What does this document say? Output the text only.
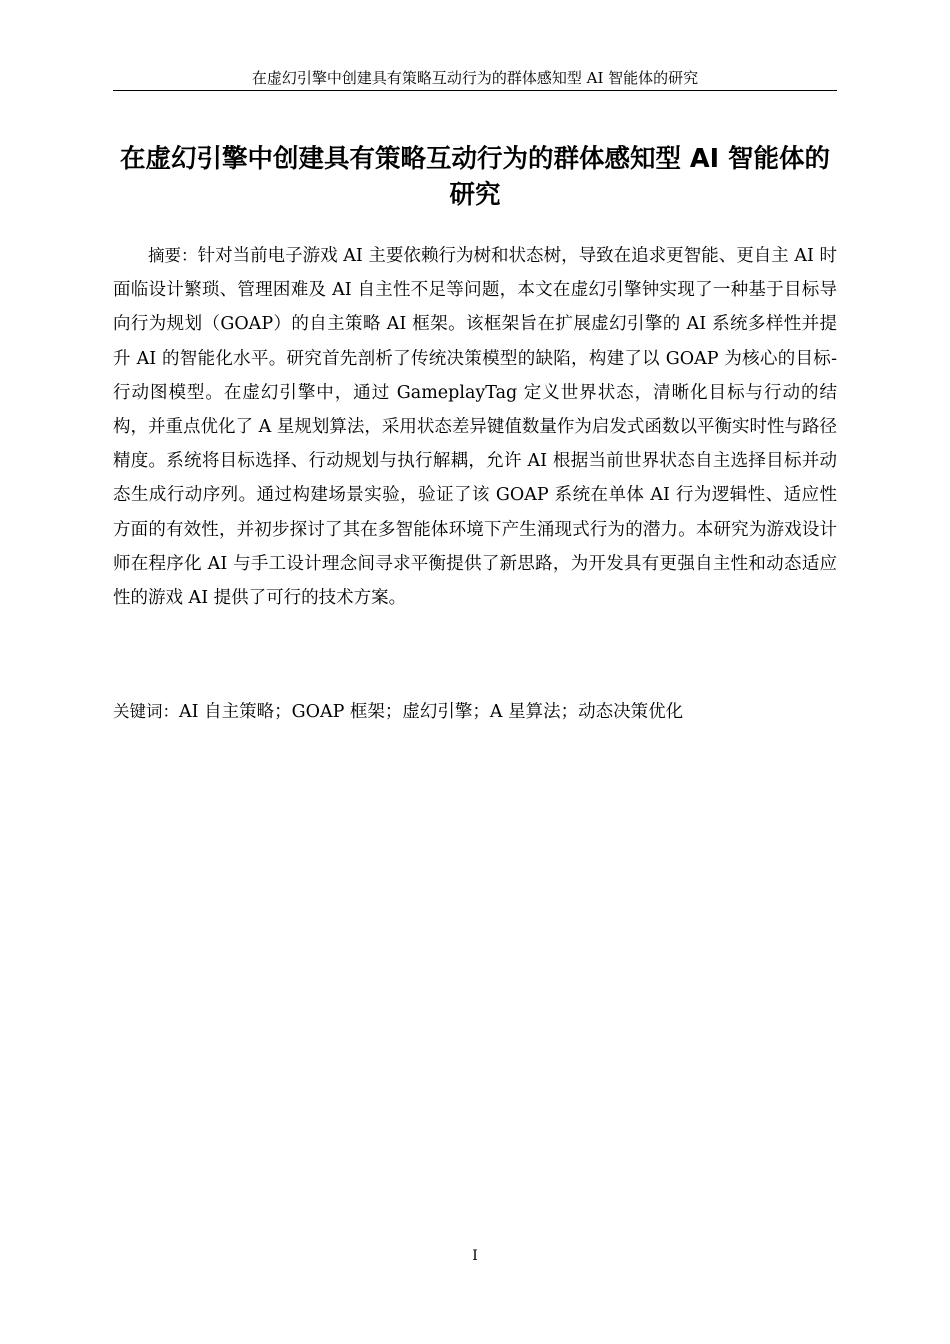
在虚幻引擎中创建具有策略互动行为的群体感知型 AI 智能体的研究
在虚幻引擎中创建具有策略互动行为的群体感知型 AI 智能体的研究

摘要：针对当前电子游戏 AI 主要依赖行为树和状态树，导致在追求更智能、更自主 AI 时面临设计繁琐、管理困难及 AI 自主性不足等问题，本文在虚幻引擎钟实现了一种基于目标导向行为规划（GOAP）的自主策略 AI 框架。该框架旨在扩展虚幻引擎的 AI 系统多样性并提升 AI 的智能化水平。研究首先剖析了传统决策模型的缺陷，构建了以 GOAP 为核心的目标-行动图模型。在虚幻引擎中，通过 GameplayTag 定义世界状态，清晰化目标与行动的结构，并重点优化了 A 星规划算法，采用状态差异键值数量作为启发式函数以平衡实时性与路径精度。系统将目标选择、行动规划与执行解耦，允许 AI 根据当前世界状态自主选择目标并动态生成行动序列。通过构建场景实验，验证了该 GOAP 系统在单体 AI 行为逻辑性、适应性方面的有效性，并初步探讨了其在多智能体环境下产生涌现式行为的潜力。本研究为游戏设计师在程序化 AI 与手工设计理念间寻求平衡提供了新思路，为开发具有更强自主性和动态适应性的游戏 AI 提供了可行的技术方案。

关键词：AI 自主策略；GOAP 框架；虚幻引擎；A 星算法；动态决策优化

I
